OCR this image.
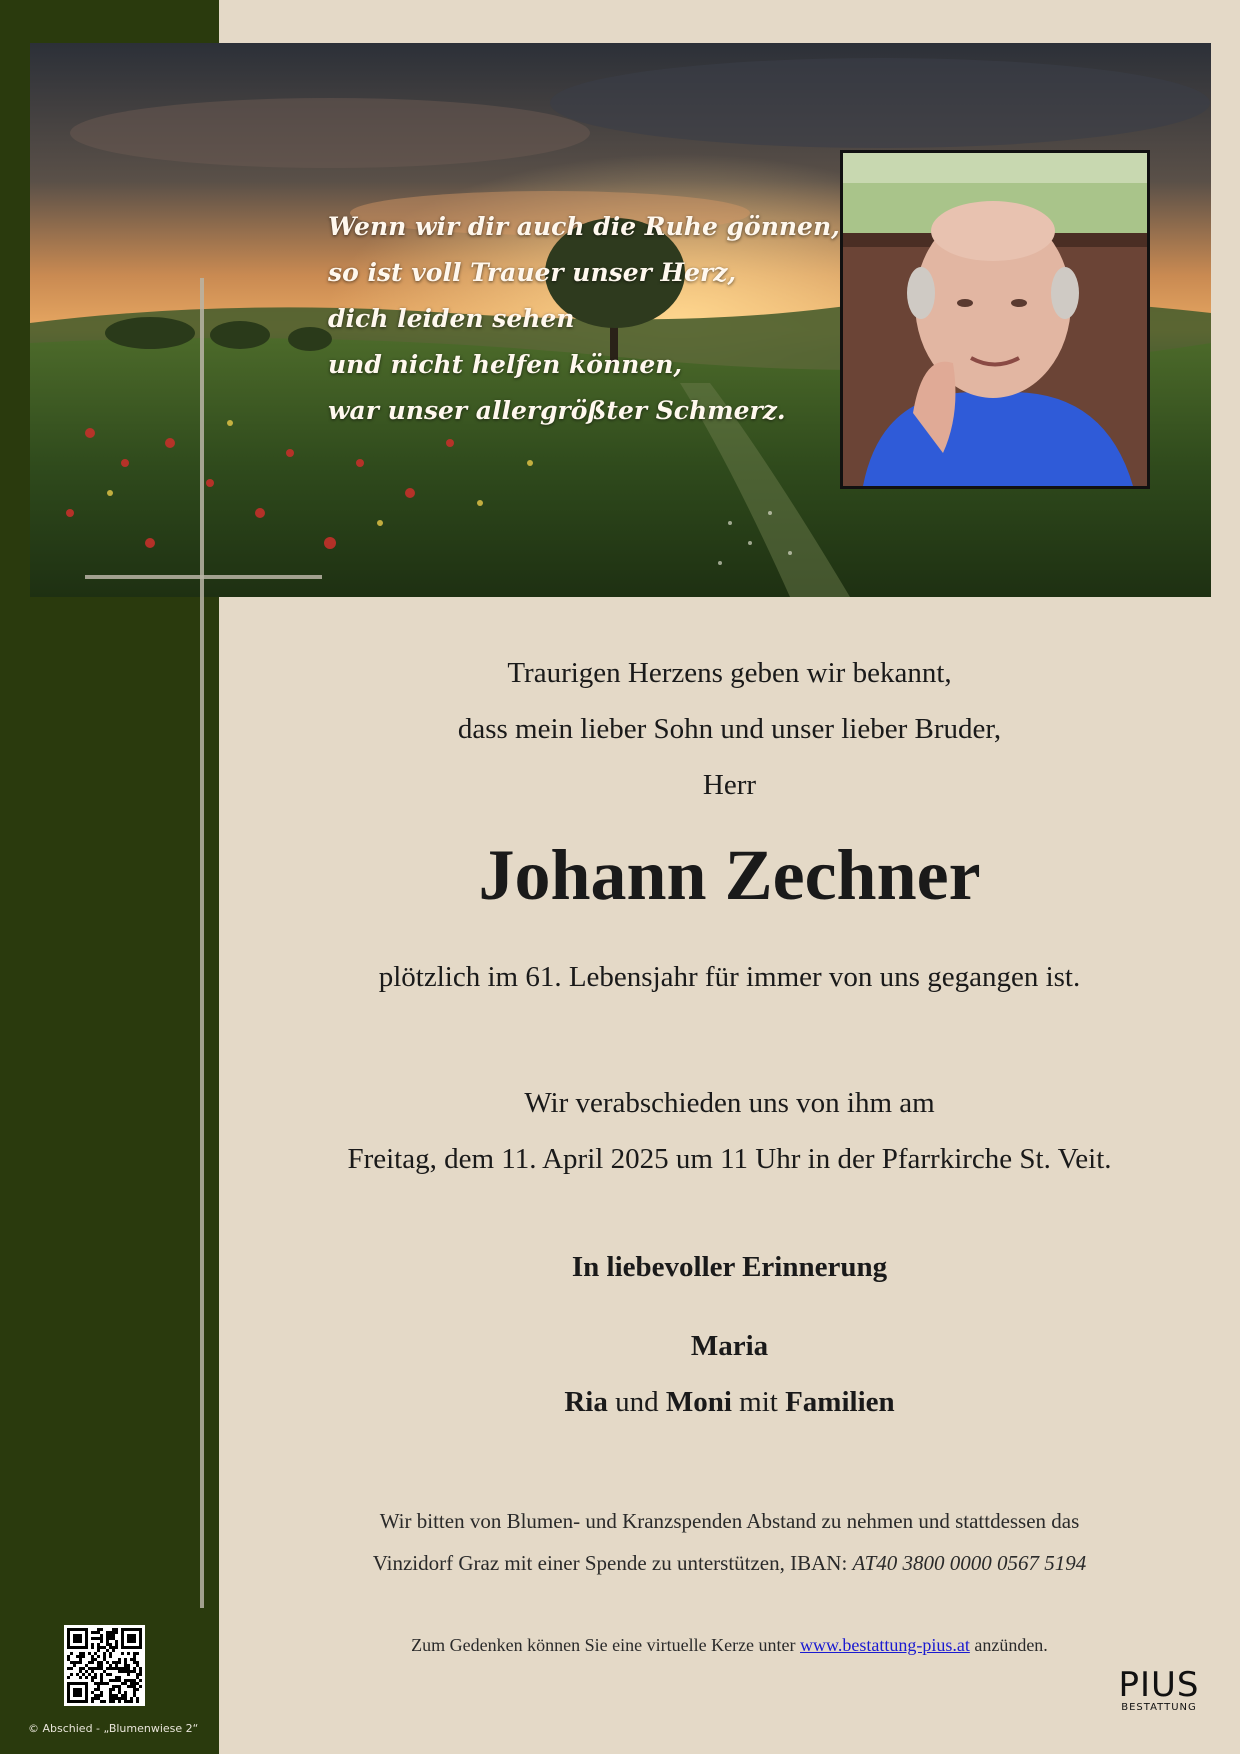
Wenn wir dir auch die Ruhe gönnen,
so ist voll Trauer unser Herz,
dich leiden sehen
und nicht helfen können,
war unser allergrößter Schmerz.
Traurigen Herzens geben wir bekannt,
dass mein lieber Sohn und unser lieber Bruder,
Herr
Johann Zechner
plötzlich im 61. Lebensjahr für immer von uns gegangen ist.
Wir verabschieden uns von ihm am
Freitag, dem 11. April 2025 um 11 Uhr in der Pfarrkirche St. Veit.
In liebevoller Erinnerung
Maria
Ria und Moni mit Familien
Wir bitten von Blumen- und Kranzspenden Abstand zu nehmen und stattdessen das
Vinzidorf Graz mit einer Spende zu unterstützen, IBAN: AT40 3800 0000 0567 5194
Zum Gedenken können Sie eine virtuelle Kerze unter www.bestattung-pius.at anzünden.
© Abschied - „Blumenwiese 2“
PIUS
BESTATTUNG
